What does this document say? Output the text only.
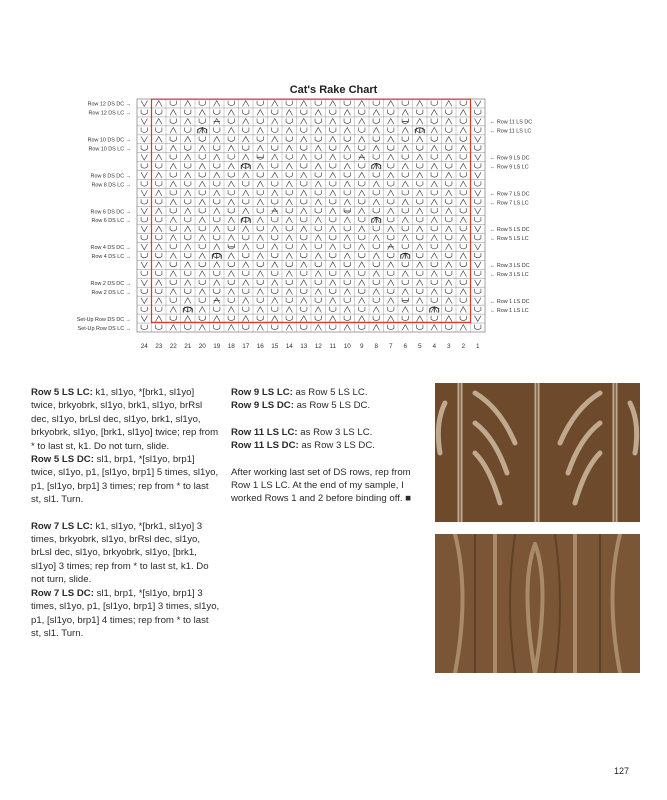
Cat's Rake Chart
Row 12 DS DC →
Row 12 DS LC →
Row 10 DS DC →
Row 10 DS LC →
Row 8 DS DC →
Row 8 DS LC →
Row 6 DS DC →
Row 6 DS LC →
Row 4 DS DC →
Row 4 DS LC →
Row 2 DS DC →
Row 2 DS LC →
Set-Up Row DS DC →
Set-Up Row DS LC →
← Row 11 LS DC
← Row 11 LS LC
← Row 9 LS DC
← Row 9 LS LC
← Row 7 LS DC
← Row 7 LS LC
← Row 5 LS DC
← Row 5 LS LC
← Row 3 LS DC
← Row 3 LS LC
← Row 1 LS DC
← Row 1 LS LC
24 23 22 21 20 19 18 17 16 15 14 13 12 11 10 9 8 7 6 5 4 3 2 1

Row 5 LS LC: k1, sl1yo, *[brk1, sl1yo] twice, brkyobrk, sl1yo, brk1, sl1yo, brRsl dec, sl1yo, brLsl dec, sl1yo, brk1, sl1yo, brkyobrk, sl1yo, [brk1, sl1yo] twice; rep from * to last st, k1. Do not turn, slide.

Row 5 LS DC: sl1, brp1, *[sl1yo, brp1] twice, sl1yo, p1, [sl1yo, brp1] 5 times, sl1yo, p1, [sl1yo, brp1] 3 times; rep from * to last st, sl1. Turn.

Row 7 LS LC: k1, sl1yo, *[brk1, sl1yo] 3 times, brkyobrk, sl1yo, brRsl dec, sl1yo, brLsl dec, sl1yo, brkyobrk, sl1yo, [brk1, sl1yo] 3 times; rep from * to last st, k1. Do not turn, slide.

Row 7 LS DC: sl1, brp1, *[sl1yo, brp1] 3 times, sl1yo, p1, [sl1yo, brp1] 3 times, sl1yo, p1, [sl1yo, brp1] 4 times; rep from * to last st, sl1. Turn.

Row 9 LS LC: as Row 5 LS LC.

Row 9 LS DC: as Row 5 LS DC.

Row 11 LS LC: as Row 3 LS LC.

Row 11 LS DC: as Row 3 LS DC.

After working last set of DS rows, rep from Row 1 LS LC. At the end of my sample, I worked Rows 1 and 2 before binding off. ■

127
